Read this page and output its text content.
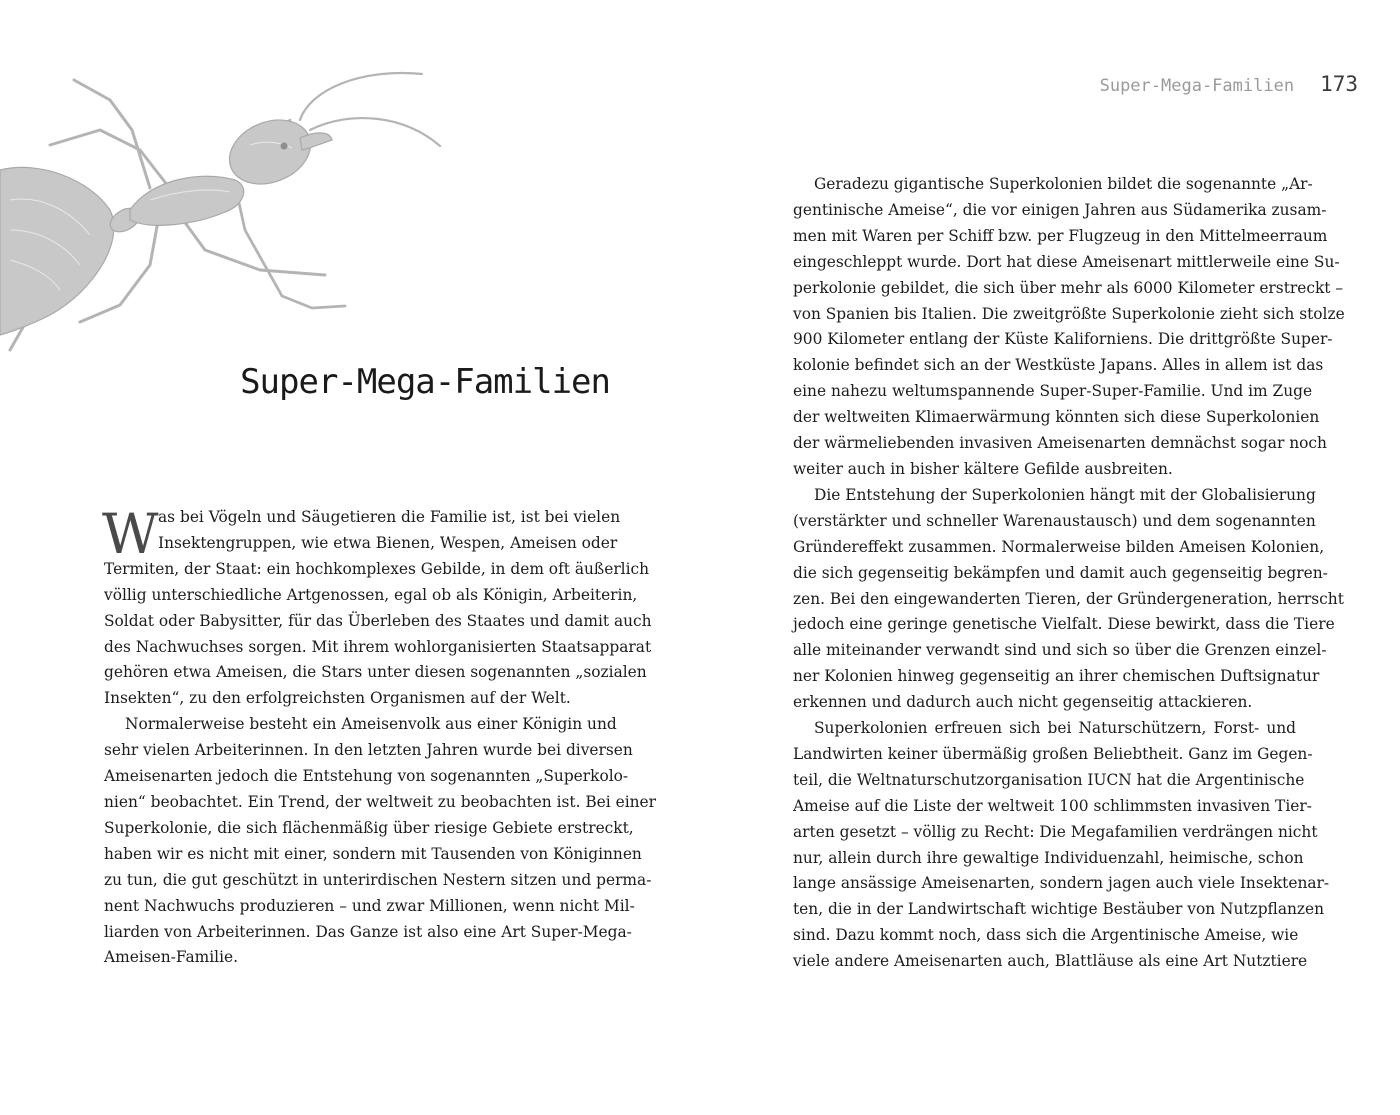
Super-Mega-Familien 173
Super-Mega-Familien
W as bei Vögeln und Säugetieren die Familie ist, ist bei vielen
Insektengruppen, wie etwa Bienen, Wespen, Ameisen oder
Termiten, der Staat: ein hochkomplexes Gebilde, in dem oft äußerlich
völlig unterschiedliche Artgenossen, egal ob als Königin, Arbeiterin,
Soldat oder Babysitter, für das Überleben des Staates und damit auch
des Nachwuchses sorgen. Mit ihrem wohlorganisierten Staatsapparat
gehören etwa Ameisen, die Stars unter diesen sogenannten „sozialen
Insekten“, zu den erfolgreichsten Organismen auf der Welt.
Normalerweise besteht ein Ameisenvolk aus einer Königin und
sehr vielen Arbeiterinnen. In den letzten Jahren wurde bei diversen
Ameisenarten jedoch die Entstehung von sogenannten „Superkolo-
nien“ beobachtet. Ein Trend, der weltweit zu beobachten ist. Bei einer
Superkolonie, die sich flächenmäßig über riesige Gebiete erstreckt,
haben wir es nicht mit einer, sondern mit Tausenden von Königinnen
zu tun, die gut geschützt in unterirdischen Nestern sitzen und perma-
nent Nachwuchs produzieren – und zwar Millionen, wenn nicht Mil-
liarden von Arbeiterinnen. Das Ganze ist also eine Art Super-Mega-
Ameisen-Familie.
Geradezu gigantische Superkolonien bildet die sogenannte „Ar-
gentinische Ameise“, die vor einigen Jahren aus Südamerika zusam-
men mit Waren per Schiff bzw. per Flugzeug in den Mittelmeerraum
eingeschleppt wurde. Dort hat diese Ameisenart mittlerweile eine Su-
perkolonie gebildet, die sich über mehr als 6000 Kilometer erstreckt –
von Spanien bis Italien. Die zweitgrößte Superkolonie zieht sich stolze
900 Kilometer entlang der Küste Kaliforniens. Die drittgrößte Super-
kolonie befindet sich an der Westküste Japans. Alles in allem ist das
eine nahezu weltumspannende Super-Super-Familie. Und im Zuge
der weltweiten Klimaerwärmung könnten sich diese Superkolonien
der wärmeliebenden invasiven Ameisenarten demnächst sogar noch
weiter auch in bisher kältere Gefilde ausbreiten.
Die Entstehung der Superkolonien hängt mit der Globalisierung
(verstärkter und schneller Warenaustausch) und dem sogenannten
Gründereffekt zusammen. Normalerweise bilden Ameisen Kolonien,
die sich gegenseitig bekämpfen und damit auch gegenseitig begren-
zen. Bei den eingewanderten Tieren, der Gründergeneration, herrscht
jedoch eine geringe genetische Vielfalt. Diese bewirkt, dass die Tiere
alle miteinander verwandt sind und sich so über die Grenzen einzel-
ner Kolonien hinweg gegenseitig an ihrer chemischen Duftsignatur
erkennen und dadurch auch nicht gegenseitig attackieren.
Superkolonien erfreuen sich bei Naturschützern, Forst- und
Landwirten keiner übermäßig großen Beliebtheit. Ganz im Gegen-
teil, die Weltnaturschutzorganisation IUCN hat die Argentinische
Ameise auf die Liste der weltweit 100 schlimmsten invasiven Tier-
arten gesetzt – völlig zu Recht: Die Megafamilien verdrängen nicht
nur, allein durch ihre gewaltige Individuenzahl, heimische, schon
lange ansässige Ameisenarten, sondern jagen auch viele Insektenar-
ten, die in der Landwirtschaft wichtige Bestäuber von Nutzpflanzen
sind. Dazu kommt noch, dass sich die Argentinische Ameise, wie
viele andere Ameisenarten auch, Blattläuse als eine Art Nutztiere
